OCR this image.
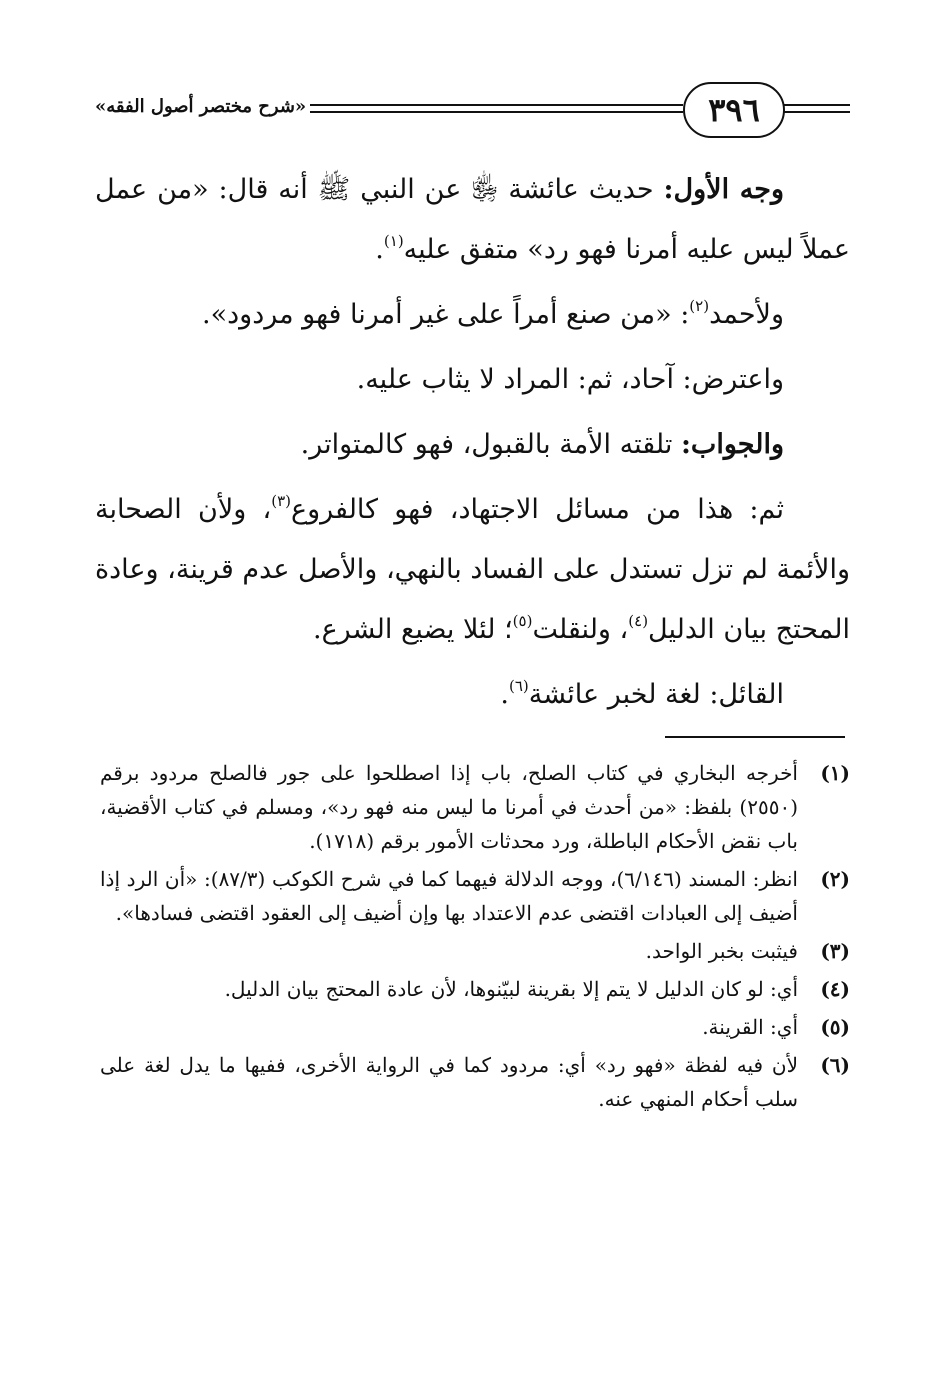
«شرح مختصر أصول الفقه»	٣٩٦

وجه الأول: حديث عائشة ﵂ عن النبي ﷺ أنه قال: «من عمل عملاً ليس عليه أمرنا فهو رد» متفق عليه$^{(١)}$.

ولأحمد$^{(٢)}$: «من صنع أمراً على غير أمرنا فهو مردود».

واعترض: آحاد، ثم: المراد لا يثاب عليه.

والجواب: تلقته الأمة بالقبول، فهو كالمتواتر.

ثم: هذا من مسائل الاجتهاد، فهو كالفروع$^{(٣)}$، ولأن الصحابة والأئمة لم تزل تستدل على الفساد بالنهي، والأصل عدم قرينة، وعادة المحتج بيان الدليل$^{(٤)}$، ولنقلت$^{(٥)}$؛ لئلا يضيع الشرع.

القائل: لغة لخبر عائشة$^{(٦)}$.

(١)
أخرجه البخاري في كتاب الصلح، باب إذا اصطلحوا على جور فالصلح مردود برقم (٢٥٥٠) بلفظ: «من أحدث في أمرنا ما ليس منه فهو رد»، ومسلم في كتاب الأقضية، باب نقض الأحكام الباطلة، ورد محدثات الأمور برقم (١٧١٨).
(٢)
انظر: المسند (٦/١٤٦)، ووجه الدلالة فيهما كما في شرح الكوكب (٨٧/٣): «أن الرد إذا أضيف إلى العبادات اقتضى عدم الاعتداد بها وإن أضيف إلى العقود اقتضى فسادها».
(٣)
فيثبت بخبر الواحد.
(٤)
أي: لو كان الدليل لا يتم إلا بقرينة لبيّنوها، لأن عادة المحتج بيان الدليل.
(٥)
أي: القرينة.
(٦)
لأن فيه لفظة «فهو رد» أي: مردود كما في الرواية الأخرى، ففيها ما يدل لغة على سلب أحكام المنهي عنه.
